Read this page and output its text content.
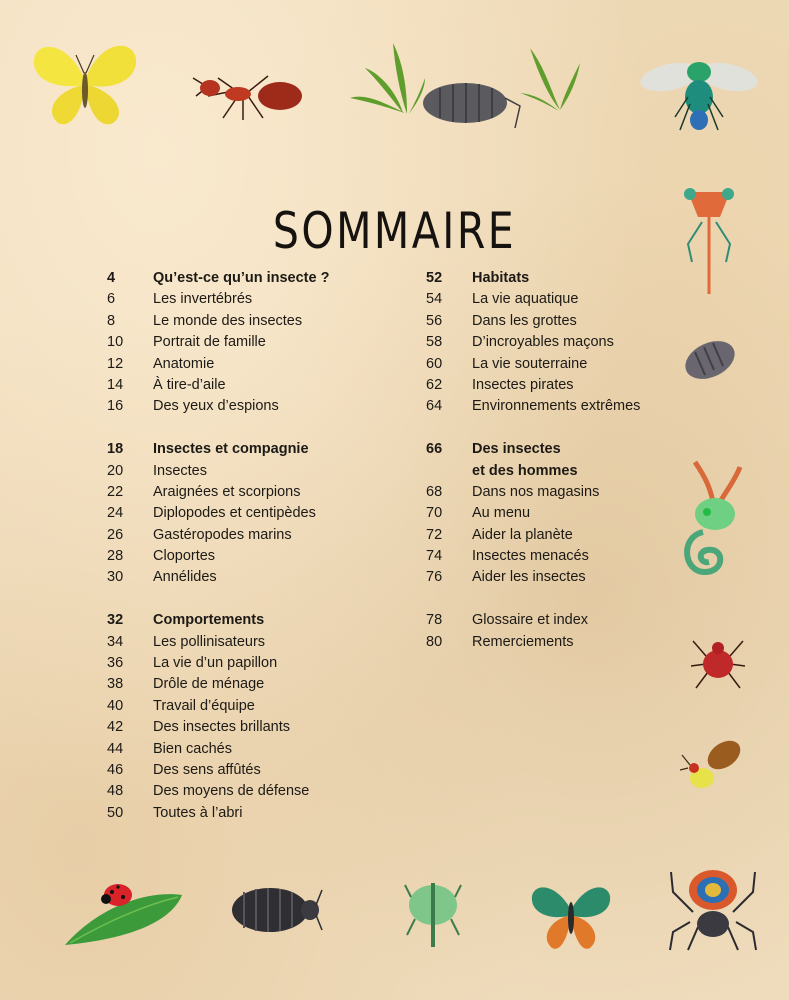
SOMMAIRE
4	Qu’est-ce qu’un insecte ?
6	Les invertébrés
8	Le monde des insectes
10	Portrait de famille
12	Anatomie
14	À tire-d’aile
16	Des yeux d’espions
18	Insectes et compagnie
20	Insectes
22	Araignées et scorpions
24	Diplopodes et centipèdes
26	Gastéropodes marins
28	Cloportes
30	Annélides
32	Comportements
34	Les pollinisateurs
36	La vie d’un papillon
38	Drôle de ménage
40	Travail d’équipe
42	Des insectes brillants
44	Bien cachés
46	Des sens affûtés
48	Des moyens de défense
50	Toutes à l’abri
52	Habitats
54	La vie aquatique
56	Dans les grottes
58	D’incroyables maçons
60	La vie souterraine
62	Insectes pirates
64	Environnements extrêmes
66	Des insectes
et des hommes
68	Dans nos magasins
70	Au menu
72	Aider la planète
74	Insectes menacés
76	Aider les insectes
78	Glossaire et index
80	Remerciements
